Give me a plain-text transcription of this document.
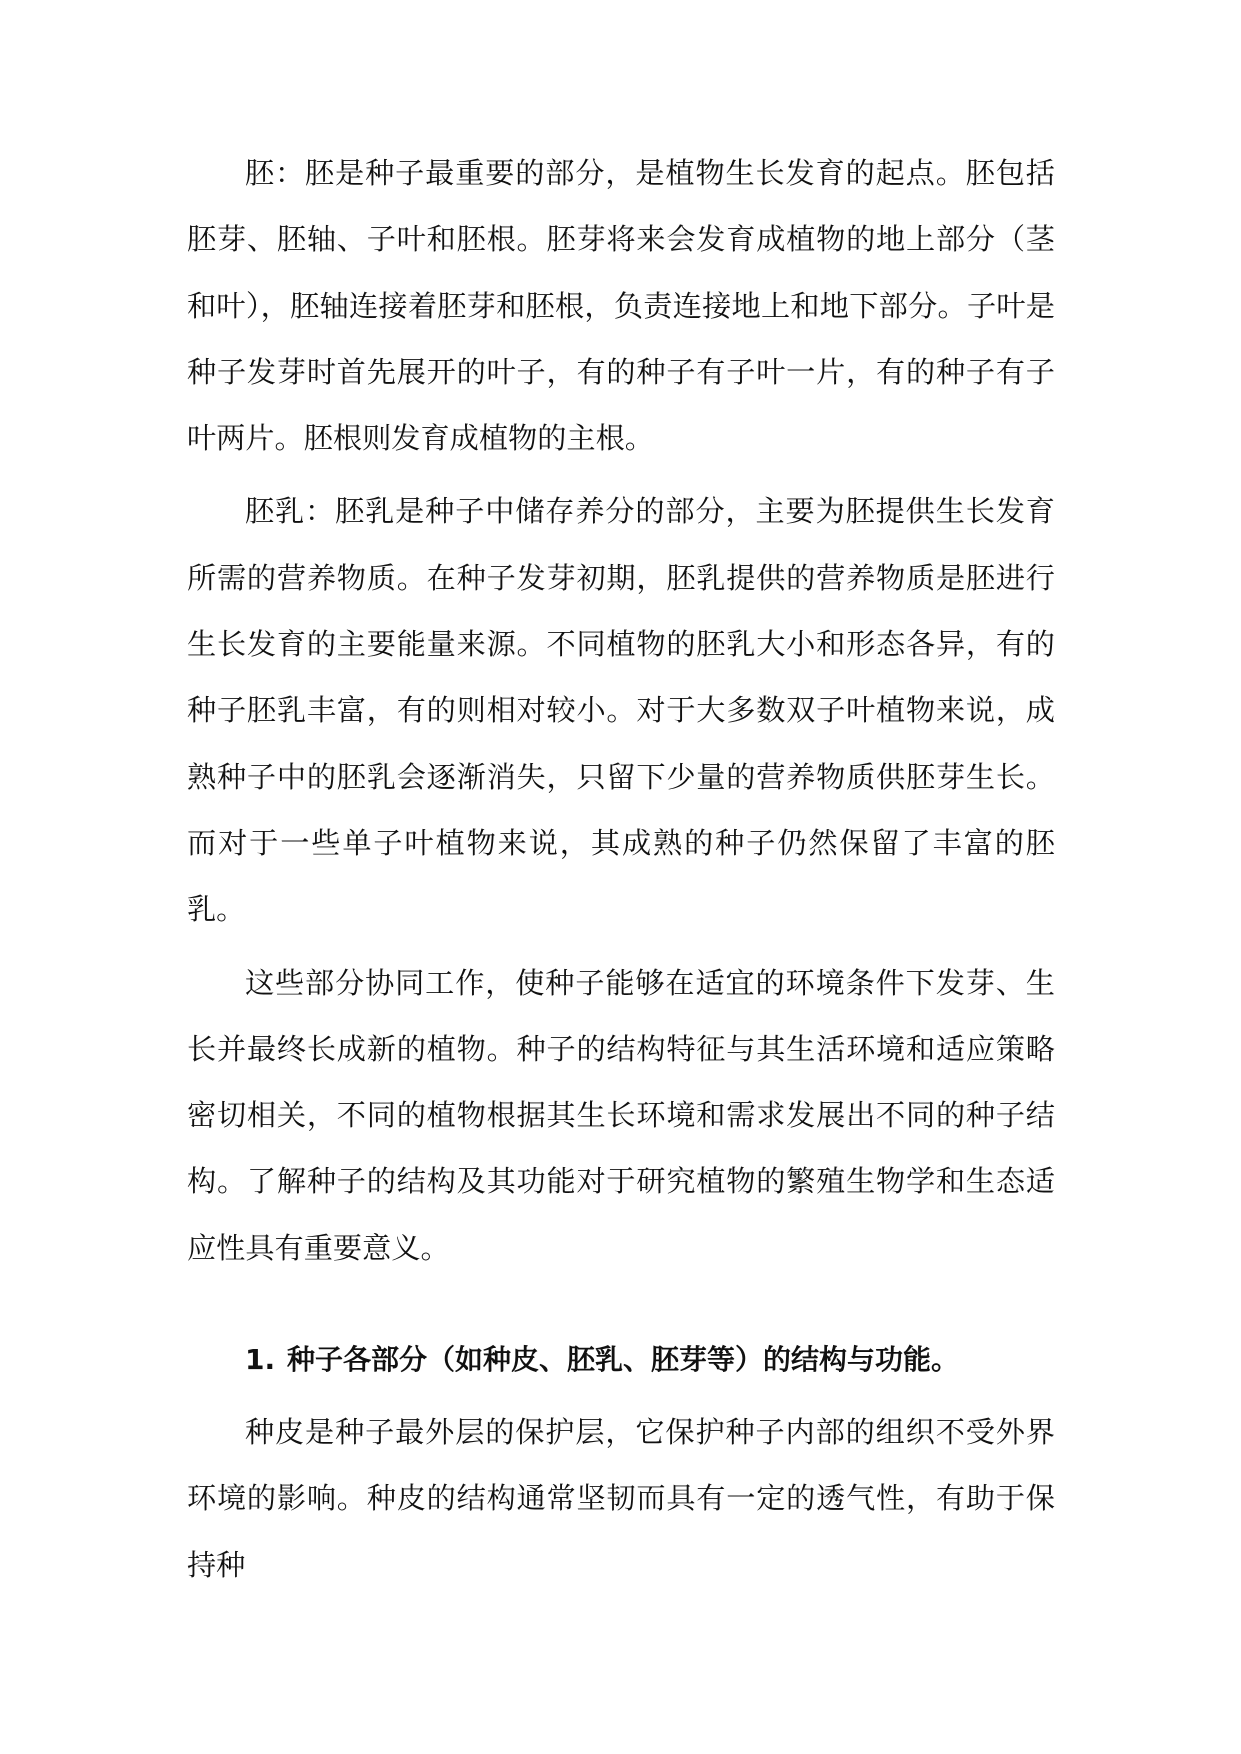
胚：胚是种子最重要的部分，是植物生长发育的起点。胚包括胚芽、胚轴、子叶和胚根。胚芽将来会发育成植物的地上部分（茎和叶），胚轴连接着胚芽和胚根，负责连接地上和地下部分。子叶是种子发芽时首先展开的叶子，有的种子有子叶一片，有的种子有子叶两片。胚根则发育成植物的主根。

胚乳：胚乳是种子中储存养分的部分，主要为胚提供生长发育所需的营养物质。在种子发芽初期，胚乳提供的营养物质是胚进行生长发育的主要能量来源。不同植物的胚乳大小和形态各异，有的种子胚乳丰富，有的则相对较小。对于大多数双子叶植物来说，成熟种子中的胚乳会逐渐消失，只留下少量的营养物质供胚芽生长。而对于一些单子叶植物来说，其成熟的种子仍然保留了丰富的胚乳。

这些部分协同工作，使种子能够在适宜的环境条件下发芽、生长并最终长成新的植物。种子的结构特征与其生活环境和适应策略密切相关，不同的植物根据其生长环境和需求发展出不同的种子结构。了解种子的结构及其功能对于研究植物的繁殖生物学和生态适应性具有重要意义。

1. 种子各部分（如种皮、胚乳、胚芽等）的结构与功能。

种皮是种子最外层的保护层，它保护种子内部的组织不受外界环境的影响。种皮的结构通常坚韧而具有一定的透气性，有助于保持种
